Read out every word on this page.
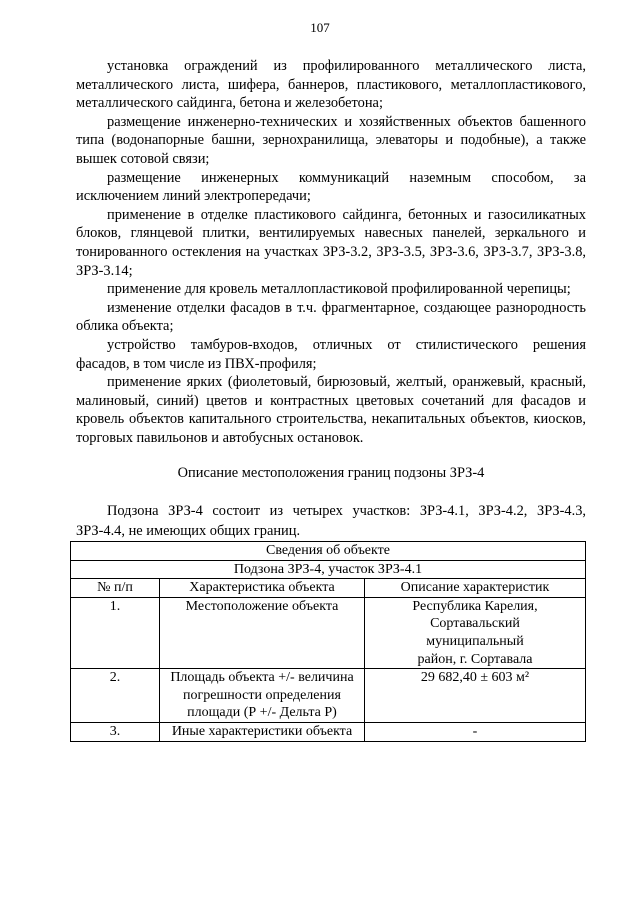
107

установка ограждений из профилированного металлического листа, металлического листа, шифера, баннеров, пластикового, металлопластикового, металлического сайдинга, бетона и железобетона;

размещение инженерно-технических и хозяйственных объектов башенного типа (водонапорные башни, зернохранилища, элеваторы и подобные), а также вышек сотовой связи;

размещение инженерных коммуникаций наземным способом, за исключением линий электропередачи;

применение в отделке пластикового сайдинга, бетонных и газосиликатных блоков, глянцевой плитки, вентилируемых навесных панелей, зеркального и тонированного остекления на участках ЗРЗ-3.2, ЗРЗ-3.5, ЗРЗ-3.6, ЗРЗ-3.7, ЗРЗ-3.8, ЗРЗ-3.14;

применение для кровель металлопластиковой профилированной черепицы;

изменение отделки фасадов в т.ч. фрагментарное, создающее разнородность облика объекта;

устройство тамбуров-входов, отличных от стилистического решения фасадов, в том числе из ПВХ-профиля;

применение ярких (фиолетовый, бирюзовый, желтый, оранжевый, красный, малиновый, синий) цветов и контрастных цветовых сочетаний для фасадов и кровель объектов капитального строительства, некапитальных объектов, киосков, торговых павильонов и автобусных остановок.

Описание местоположения границ подзоны ЗРЗ-4

Подзона ЗРЗ-4 состоит из четырех участков: ЗРЗ-4.1, ЗРЗ-4.2, ЗРЗ-4.3, ЗРЗ-4.4, не имеющих общих границ.

Сведения об объекте		
Подзона ЗРЗ-4, участок ЗРЗ-4.1		
№ п/п	Характеристика объекта	Описание характеристик
1.	Местоположение объекта	Республика Карелия,
Сортавальский
муниципальный
район, г. Сортавала

2.	Площадь объекта +/- величина
погрешности определения
площади (Р +/- Дельта Р)	29 682,40 ± 603 м²
3.	Иные характеристики объекта	-
